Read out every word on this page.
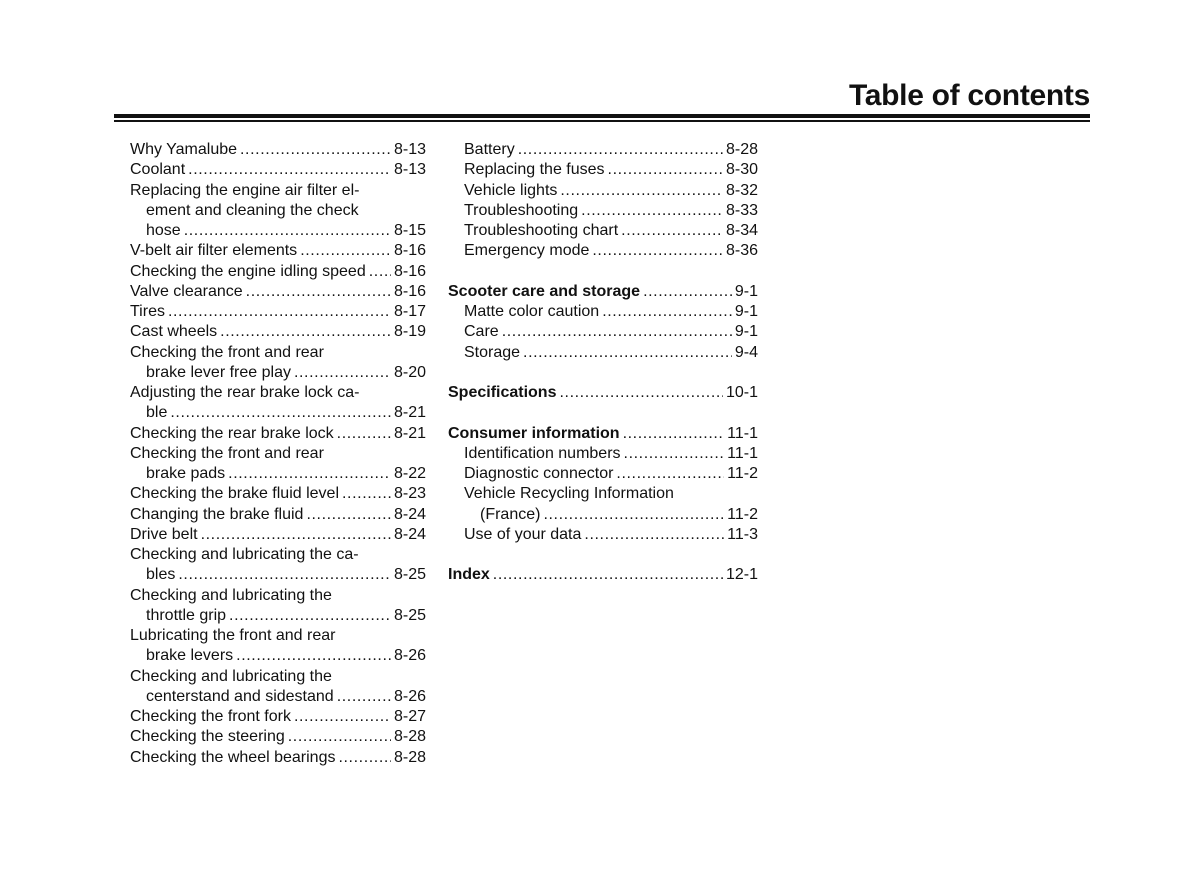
Table of contents
Why Yamalube .....	8-13
Coolant .....	8-13
Replacing the engine air filter el-
ement and cleaning the check
hose .....	8-15
V-belt air filter elements .....	8-16
Checking the engine idling speed ..... 8-16
Valve clearance .....	8-16
Tires .....	8-17
Cast wheels .....	8-19
Checking the front and rear
brake lever free play .....	8-20
Adjusting the rear brake lock ca-
ble .....	8-21
Checking the rear brake lock .....	8-21
Checking the front and rear
brake pads .....	8-22
Checking the brake fluid level .....	8-23
Changing the brake fluid .....	8-24
Drive belt .....	8-24
Checking and lubricating the ca-
bles .....	8-25
Checking and lubricating the
throttle grip .....	8-25
Lubricating the front and rear
brake levers .....	8-26
Checking and lubricating the
centerstand and sidestand .....	8-26
Checking the front fork .....	8-27
Checking the steering .....	8-28
Checking the wheel bearings .....	8-28
Battery .....	8-28
Replacing the fuses .....	8-30
Vehicle lights .....	8-32
Troubleshooting .....	8-33
Troubleshooting chart .....	8-34
Emergency mode .....	8-36
Scooter care and storage .....	9-1
Matte color caution .....	9-1
Care .....	9-1
Storage .....	9-4
Specifications .....	10-1
Consumer information .....	11-1
Identification numbers .....	11-1
Diagnostic connector .....	11-2
Vehicle Recycling Information
(France) .....	11-2
Use of your data .....	11-3
Index .....	12-1
